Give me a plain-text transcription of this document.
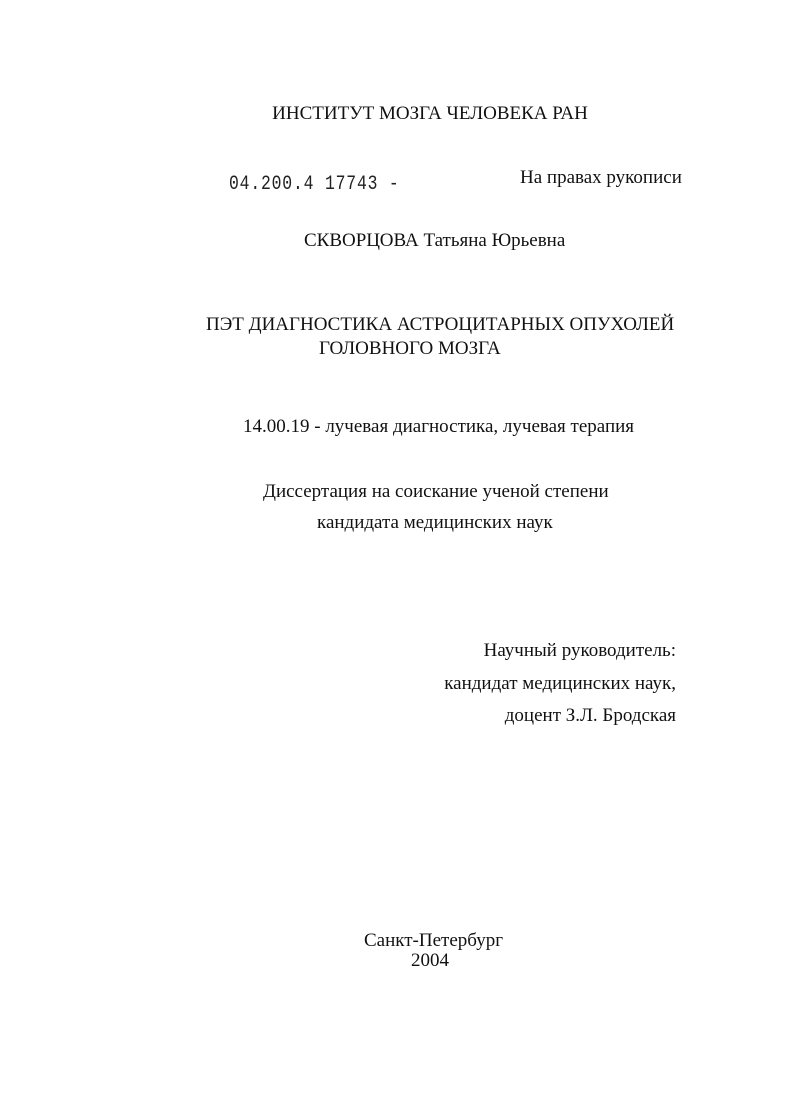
ИНСТИТУТ МОЗГА ЧЕЛОВЕКА РАН
04.200.4 17743 -	На правах рукописи
СКВОРЦОВА Татьяна Юрьевна
ПЭТ ДИАГНОСТИКА АСТРОЦИТАРНЫХ ОПУХОЛЕЙ
ГОЛОВНОГО МОЗГА
14.00.19 - лучевая диагностика, лучевая терапия
Диссертация на соискание ученой степени
кандидата медицинских наук
Научный руководитель:
кандидат медицинских наук,
доцент З.Л. Бродская
Санкт-Петербург
2004
